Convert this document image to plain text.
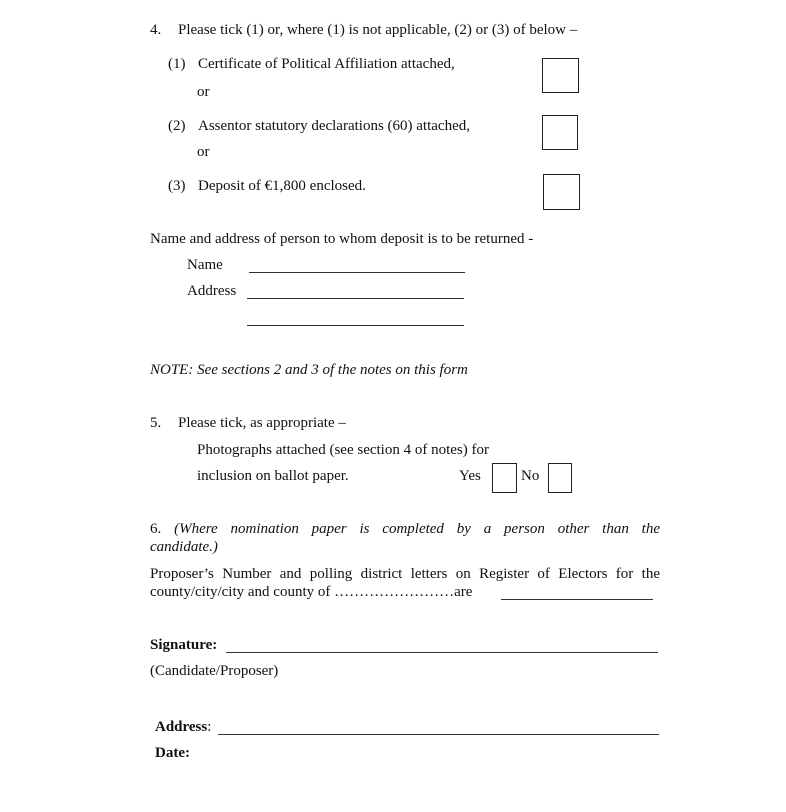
4. Please tick (1) or, where (1) is not applicable, (2) or (3) of below –
(1) Certificate of Political Affiliation attached,
or
(2) Assentor statutory declarations (60) attached,
or
(3) Deposit of €1,800 enclosed.
Name and address of person to whom deposit is to be returned -
Name
Address
NOTE: See sections 2 and 3 of the notes on this form
5. Please tick, as appropriate –
Photographs attached (see section 4 of notes) for
inclusion on ballot paper.	Yes	No
6. (Where nomination paper is completed by a person other than the
candidate.)
Proposer’s Number and polling district letters on Register of Electors for the
county/city/city and county of ……………………are
Signature:
(Candidate/Proposer)
Address:
Date:
